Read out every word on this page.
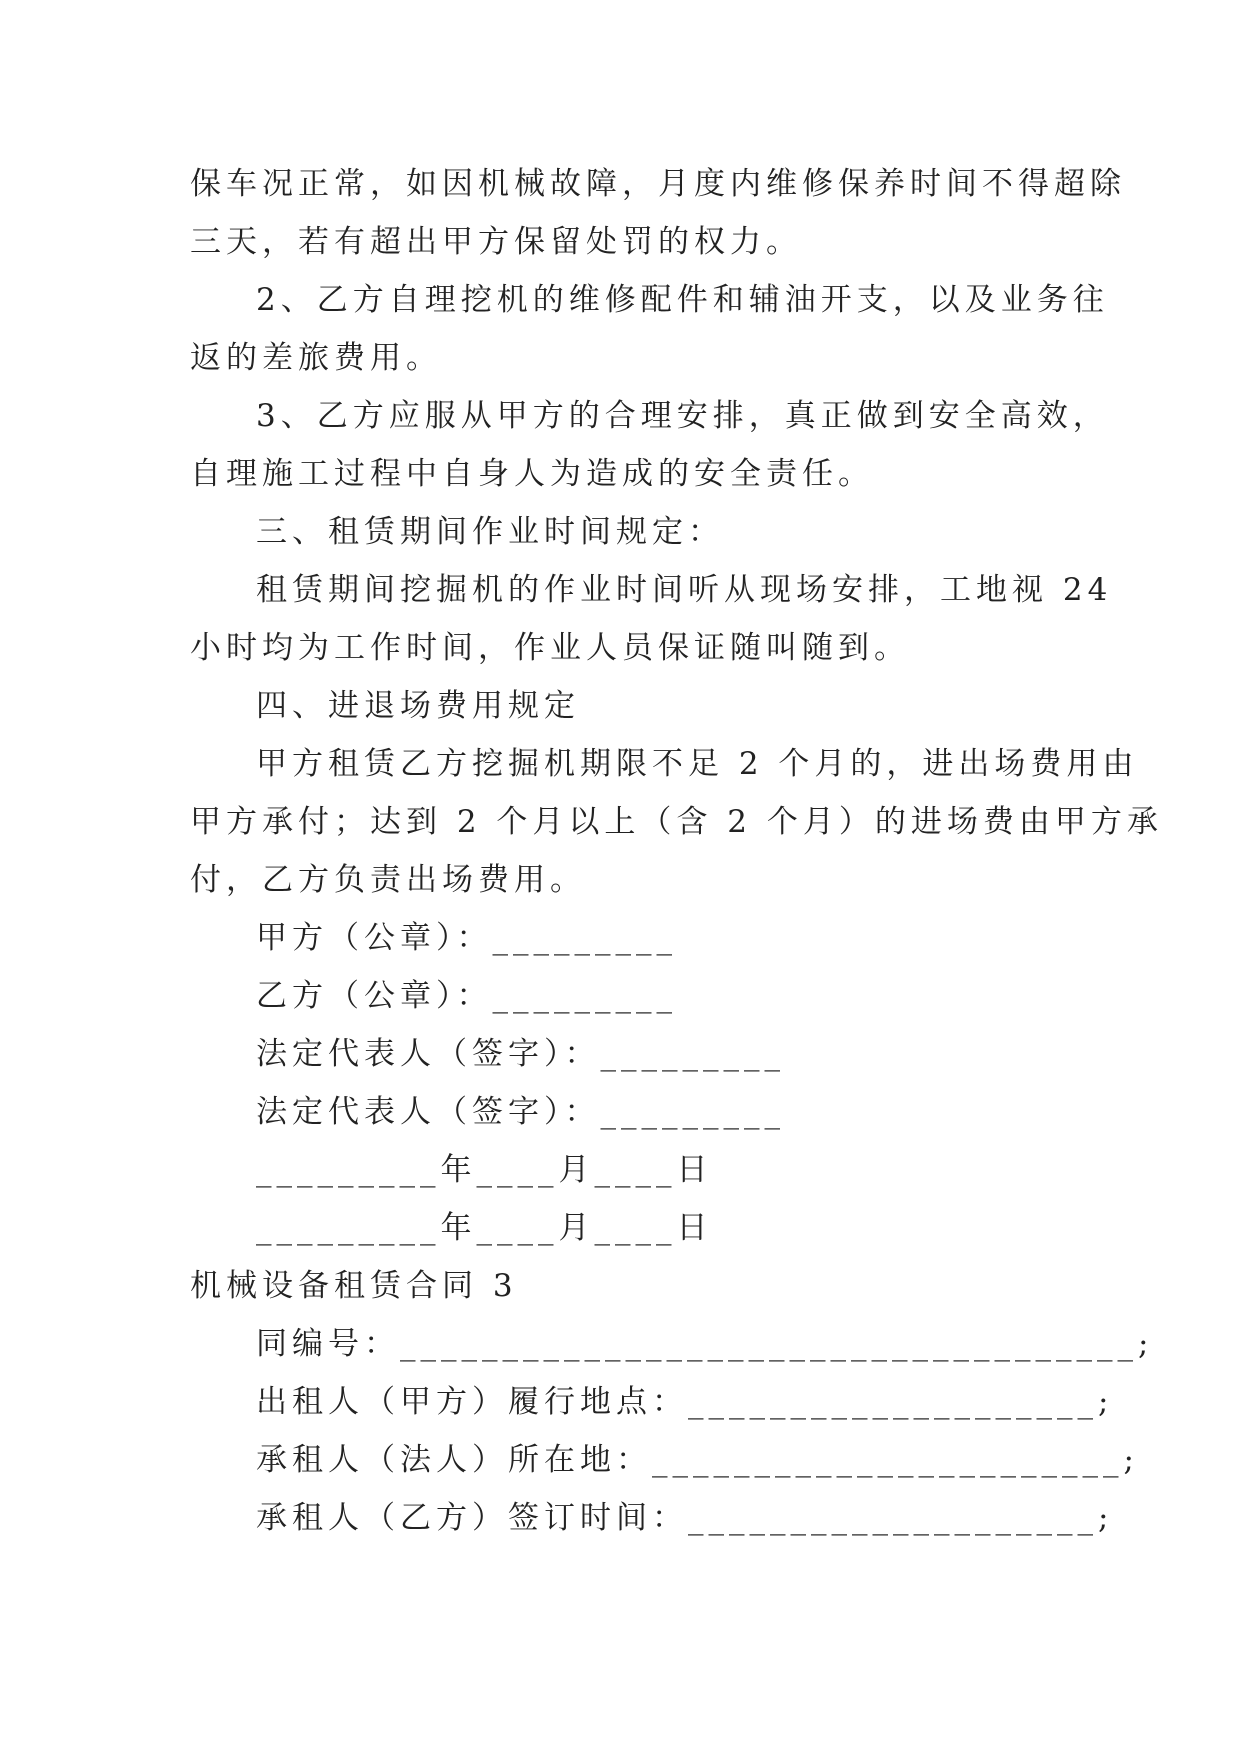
保车况正常，如因机械故障，月度内维修保养时间不得超除
三天，若有超出甲方保留处罚的权力。
2、乙方自理挖机的维修配件和辅油开支，以及业务往
返的差旅费用。
3、乙方应服从甲方的合理安排，真正做到安全高效，
自理施工过程中自身人为造成的安全责任。
三、租赁期间作业时间规定：
租赁期间挖掘机的作业时间听从现场安排，工地视 24
小时均为工作时间，作业人员保证随叫随到。
四、进退场费用规定
甲方租赁乙方挖掘机期限不足 2 个月的，进出场费用由
甲方承付；达到 2 个月以上（含 2 个月）的进场费由甲方承
付，乙方负责出场费用。
甲方（公章）：_________
乙方（公章）：_________
法定代表人（签字）：_________
法定代表人（签字）：_________
_________年____月____日
_________年____月____日
机械设备租赁合同 3
同编号：____________________________________;
出租人（甲方）履行地点：____________________;
承租人（法人）所在地：_______________________;
承租人（乙方）签订时间：____________________;
